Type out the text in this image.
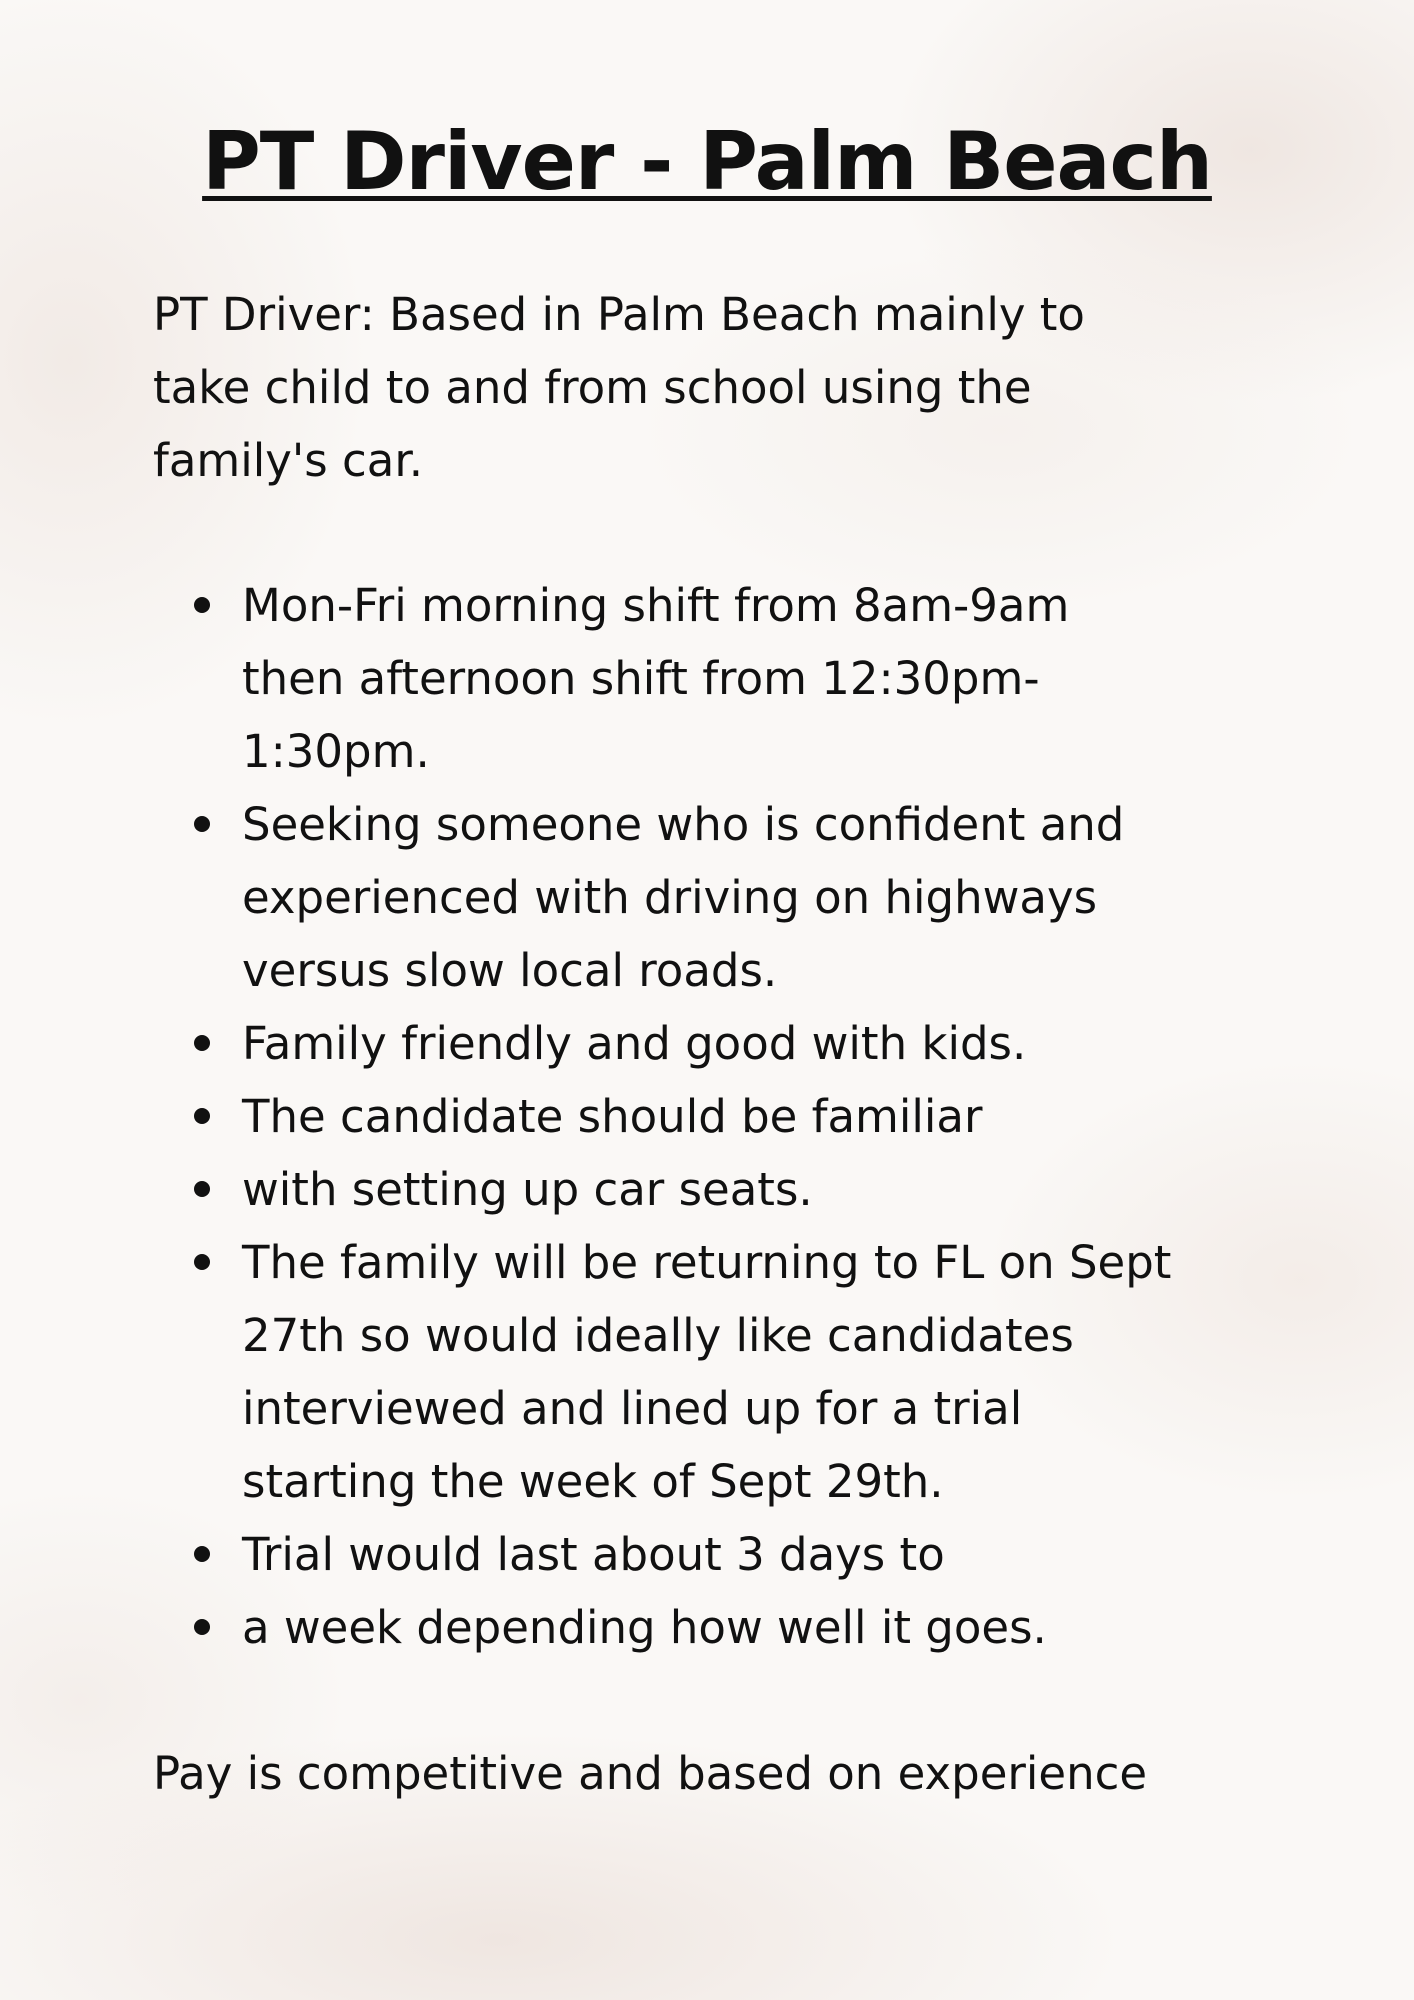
PT Driver - Palm Beach

PT Driver: Based in Palm Beach mainly to
take child to and from school using the
family's car.

Mon-Fri morning shift from 8am-9am
then afternoon shift from 12:30pm-
1:30pm.
Seeking someone who is confident and
experienced with driving on highways
versus slow local roads.
Family friendly and good with kids.
The candidate should be familiar
with setting up car seats.
The family will be returning to FL on Sept
27th so would ideally like candidates
interviewed and lined up for a trial
starting the week of Sept 29th.
Trial would last about 3 days to
a week depending how well it goes.

Pay is competitive and based on experience
